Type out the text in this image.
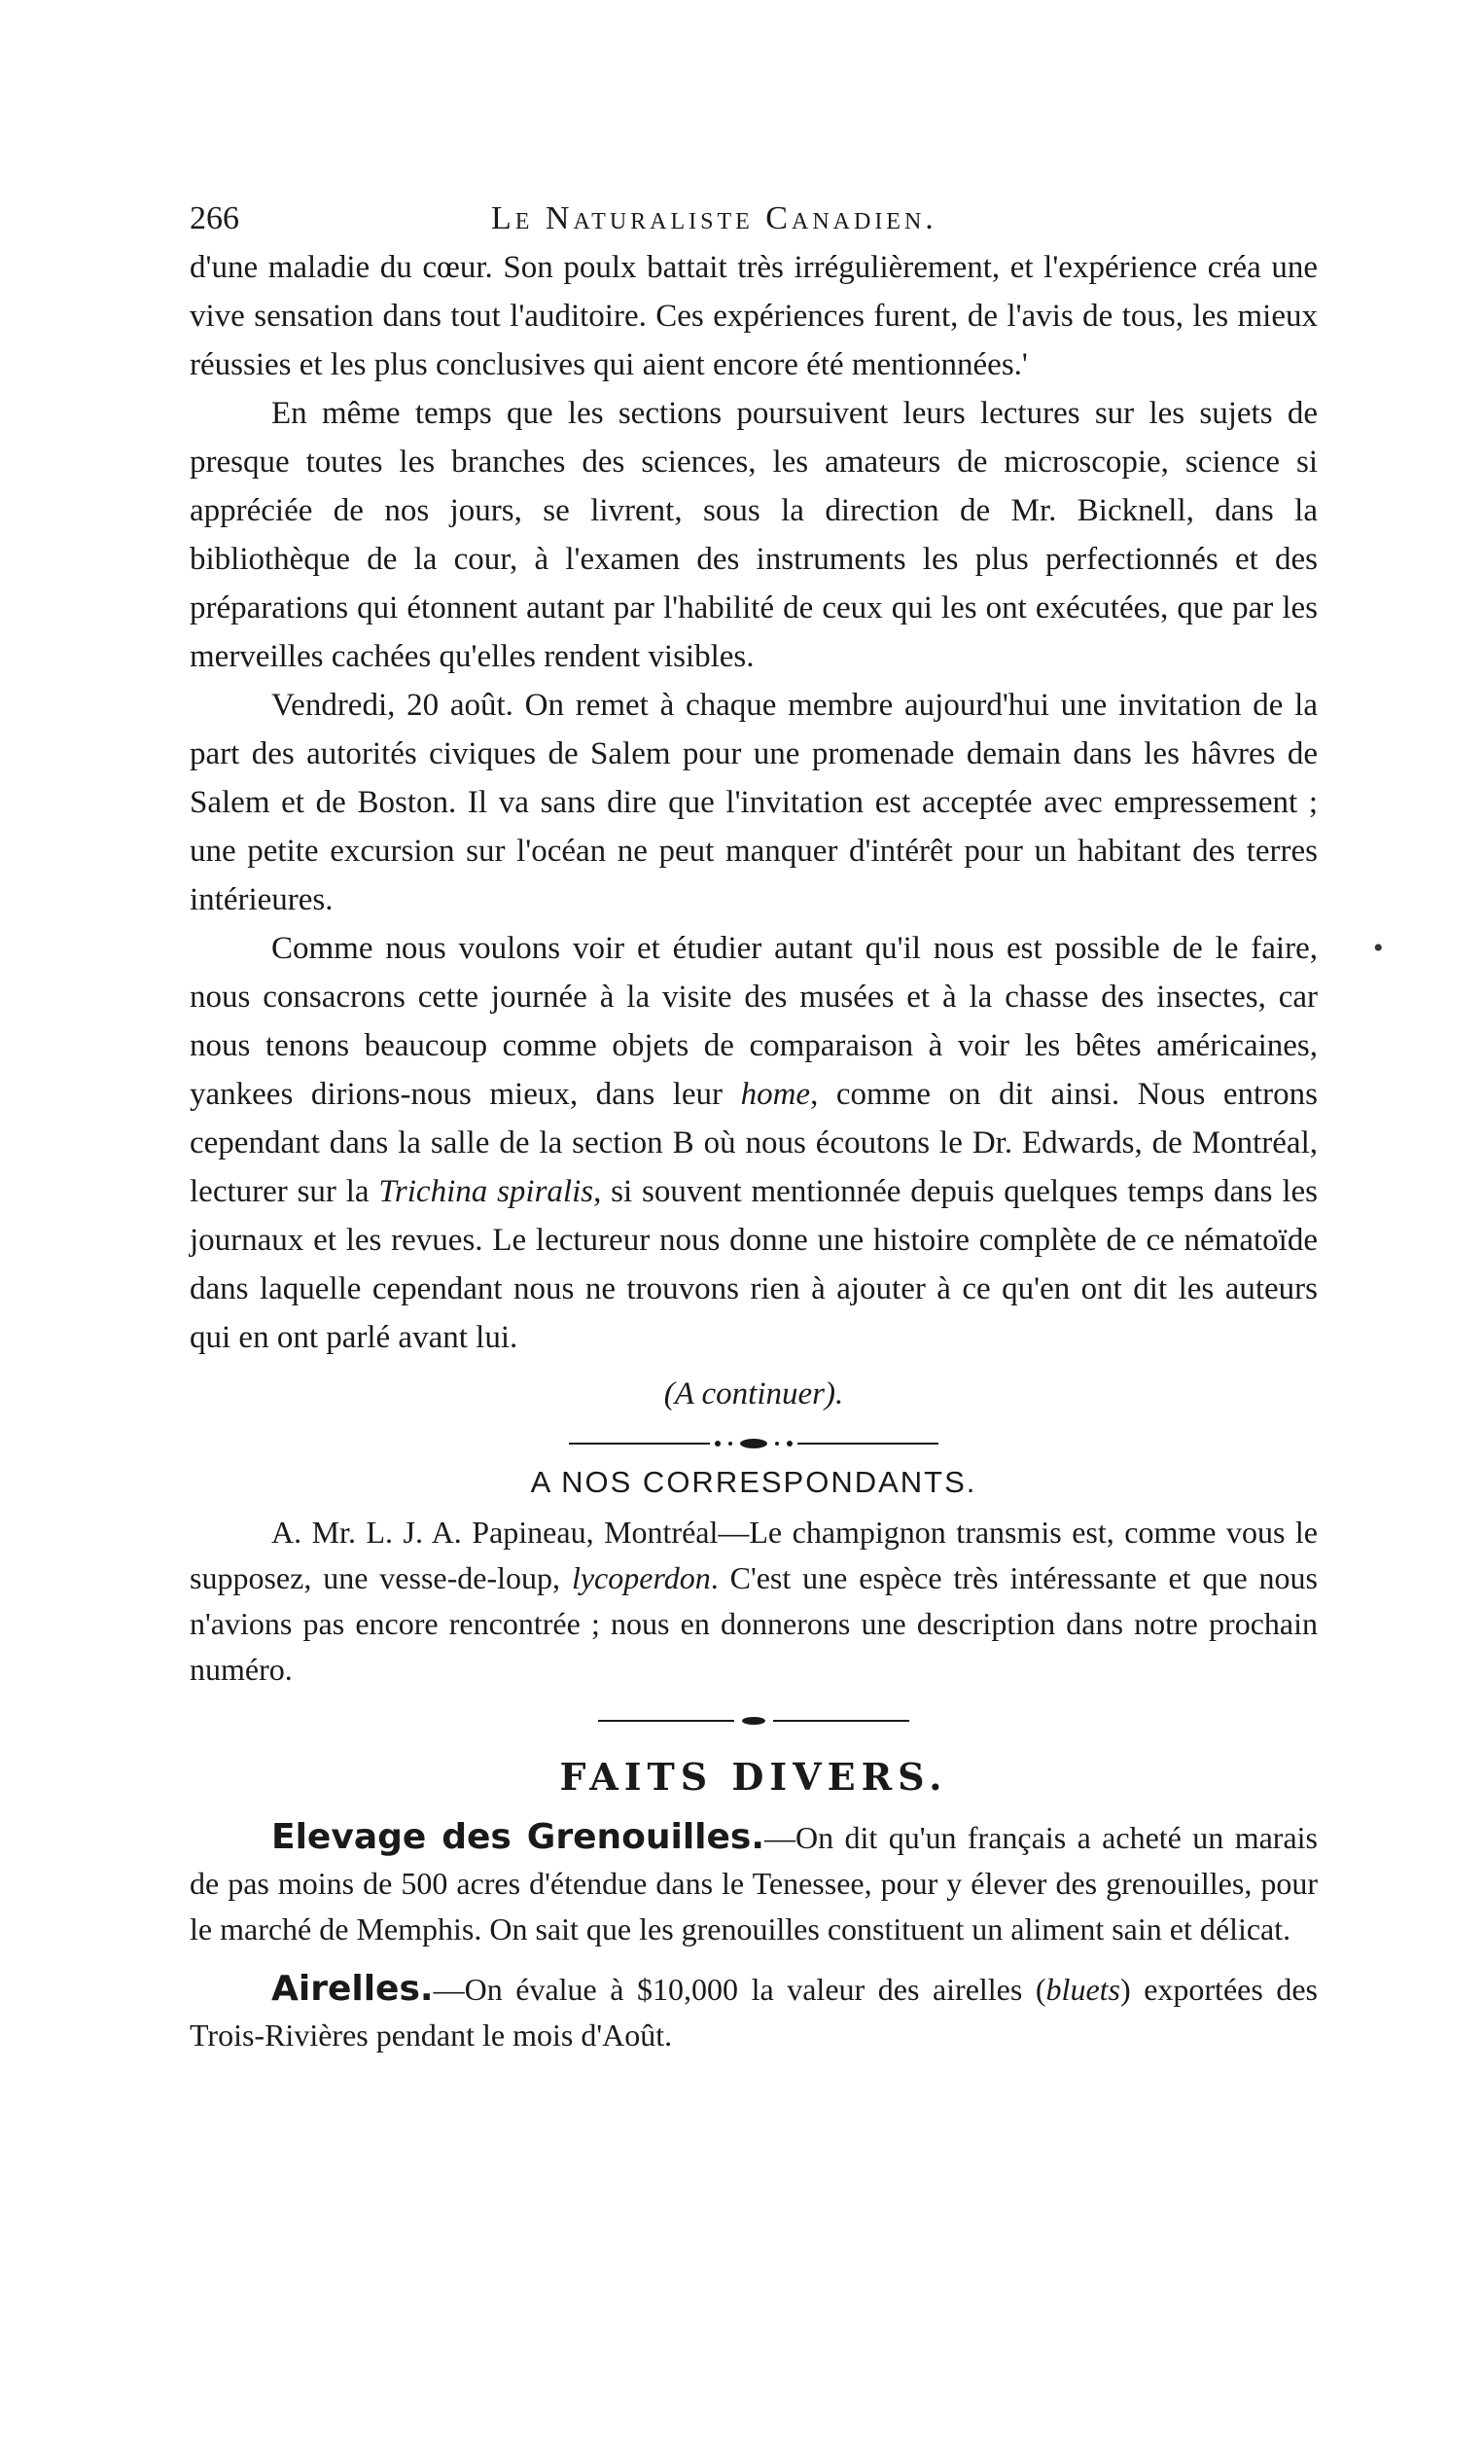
266	Le Naturaliste Canadien.

d'une maladie du cœur. Son poulx battait très irrégulièrement, et l'expérience créa une vive sensation dans tout l'auditoire. Ces expériences furent, de l'avis de tous, les mieux réussies et les plus conclusives qui aient encore été mentionnées.'

En même temps que les sections poursuivent leurs lectures sur les sujets de presque toutes les branches des sciences, les amateurs de microscopie, science si appréciée de nos jours, se livrent, sous la direction de Mr. Bicknell, dans la bibliothèque de la cour, à l'examen des instruments les plus perfectionnés et des préparations qui étonnent autant par l'habilité de ceux qui les ont exécutées, que par les merveilles cachées qu'elles rendent visibles.

Vendredi, 20 août. On remet à chaque membre aujourd'hui une invitation de la part des autorités civiques de Salem pour une promenade demain dans les hâvres de Salem et de Boston. Il va sans dire que l'invitation est acceptée avec empressement ; une petite excursion sur l'océan ne peut manquer d'intérêt pour un habitant des terres intérieures.

Comme nous voulons voir et étudier autant qu'il nous est possible de le faire, nous consacrons cette journée à la visite des musées et à la chasse des insectes, car nous tenons beaucoup comme objets de comparaison à voir les bêtes américaines, yankees dirions-nous mieux, dans leur home, comme on dit ainsi. Nous entrons cependant dans la salle de la section B où nous écoutons le Dr. Edwards, de Montréal, lecturer sur la Trichina spiralis, si souvent mentionnée depuis quelques temps dans les journaux et les revues. Le lectureur nous donne une histoire complète de ce nématoïde dans laquelle cependant nous ne trouvons rien à ajouter à ce qu'en ont dit les auteurs qui en ont parlé avant lui.

(A continuer).

A NOS CORRESPONDANTS.

A. Mr. L. J. A. Papineau, Montréal—Le champignon transmis est, comme vous le supposez, une vesse-de-loup, lycoperdon. C'est une espèce très intéressante et que nous n'avions pas encore rencontrée ; nous en donnerons une description dans notre prochain numéro.

FAITS DIVERS.

Elevage des Grenouilles.—On dit qu'un français a acheté un marais de pas moins de 500 acres d'étendue dans le Tenessee, pour y élever des grenouilles, pour le marché de Memphis. On sait que les grenouilles constituent un aliment sain et délicat.

Airelles.—On évalue à $10,000 la valeur des airelles (bluets) exportées des Trois-Rivières pendant le mois d'Août.

•
